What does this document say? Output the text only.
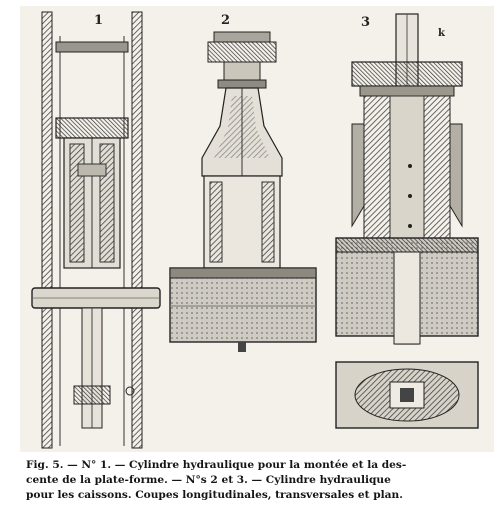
1	2	3
k
Fig. 5. — N° 1. — Cylindre hydraulique pour la montée et la des-
cente de la plate-forme. — N°s 2 et 3. — Cylindre hydraulique
pour les caissons. Coupes longitudinales, transversales et plan.
